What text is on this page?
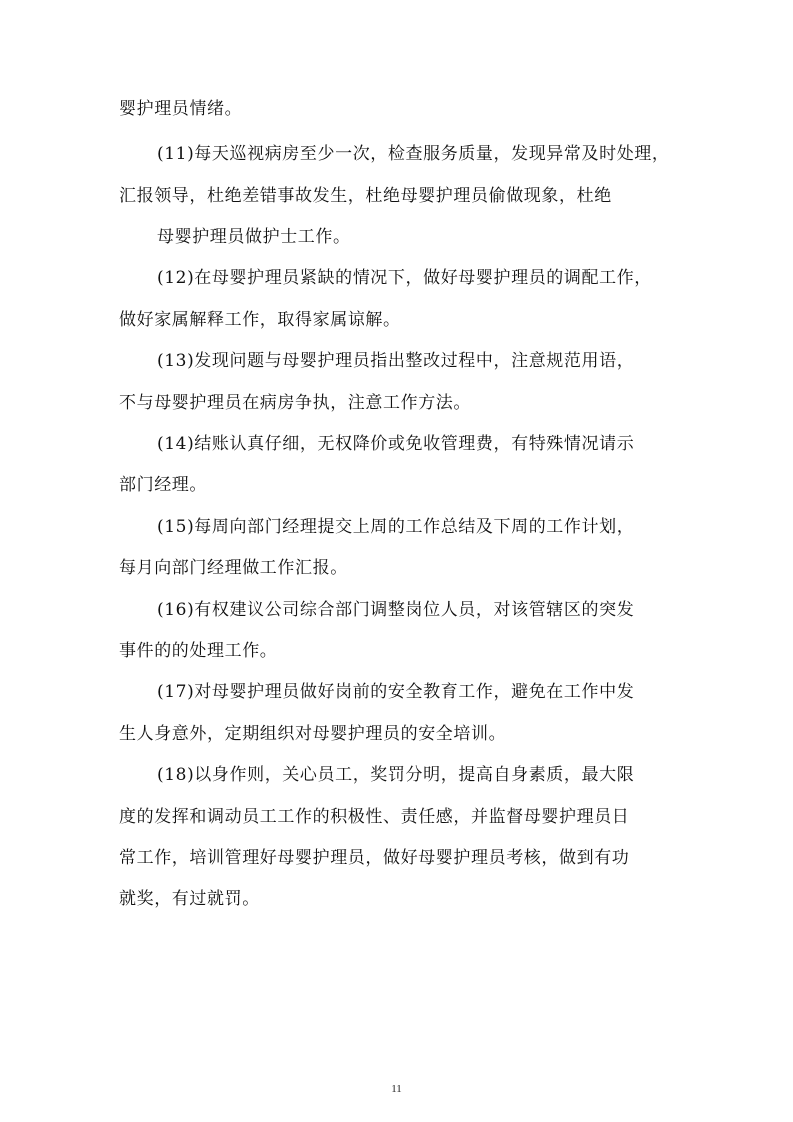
婴护理员情绪。
(11)每天巡视病房至少一次，检查服务质量，发现异常及时处理，
汇报领导，杜绝差错事故发生，杜绝母婴护理员偷做现象，杜绝
母婴护理员做护士工作。
(12)在母婴护理员紧缺的情况下，做好母婴护理员的调配工作，
做好家属解释工作，取得家属谅解。
(13)发现问题与母婴护理员指出整改过程中，注意规范用语，
不与母婴护理员在病房争执，注意工作方法。
(14)结账认真仔细，无权降价或免收管理费，有特殊情况请示
部门经理。
(15)每周向部门经理提交上周的工作总结及下周的工作计划，
每月向部门经理做工作汇报。
(16)有权建议公司综合部门调整岗位人员，对该管辖区的突发
事件的的处理工作。
(17)对母婴护理员做好岗前的安全教育工作，避免在工作中发
生人身意外，定期组织对母婴护理员的安全培训。
(18)以身作则，关心员工，奖罚分明，提高自身素质，最大限
度的发挥和调动员工工作的积极性、责任感，并监督母婴护理员日
常工作，培训管理好母婴护理员，做好母婴护理员考核，做到有功
就奖，有过就罚。
11
